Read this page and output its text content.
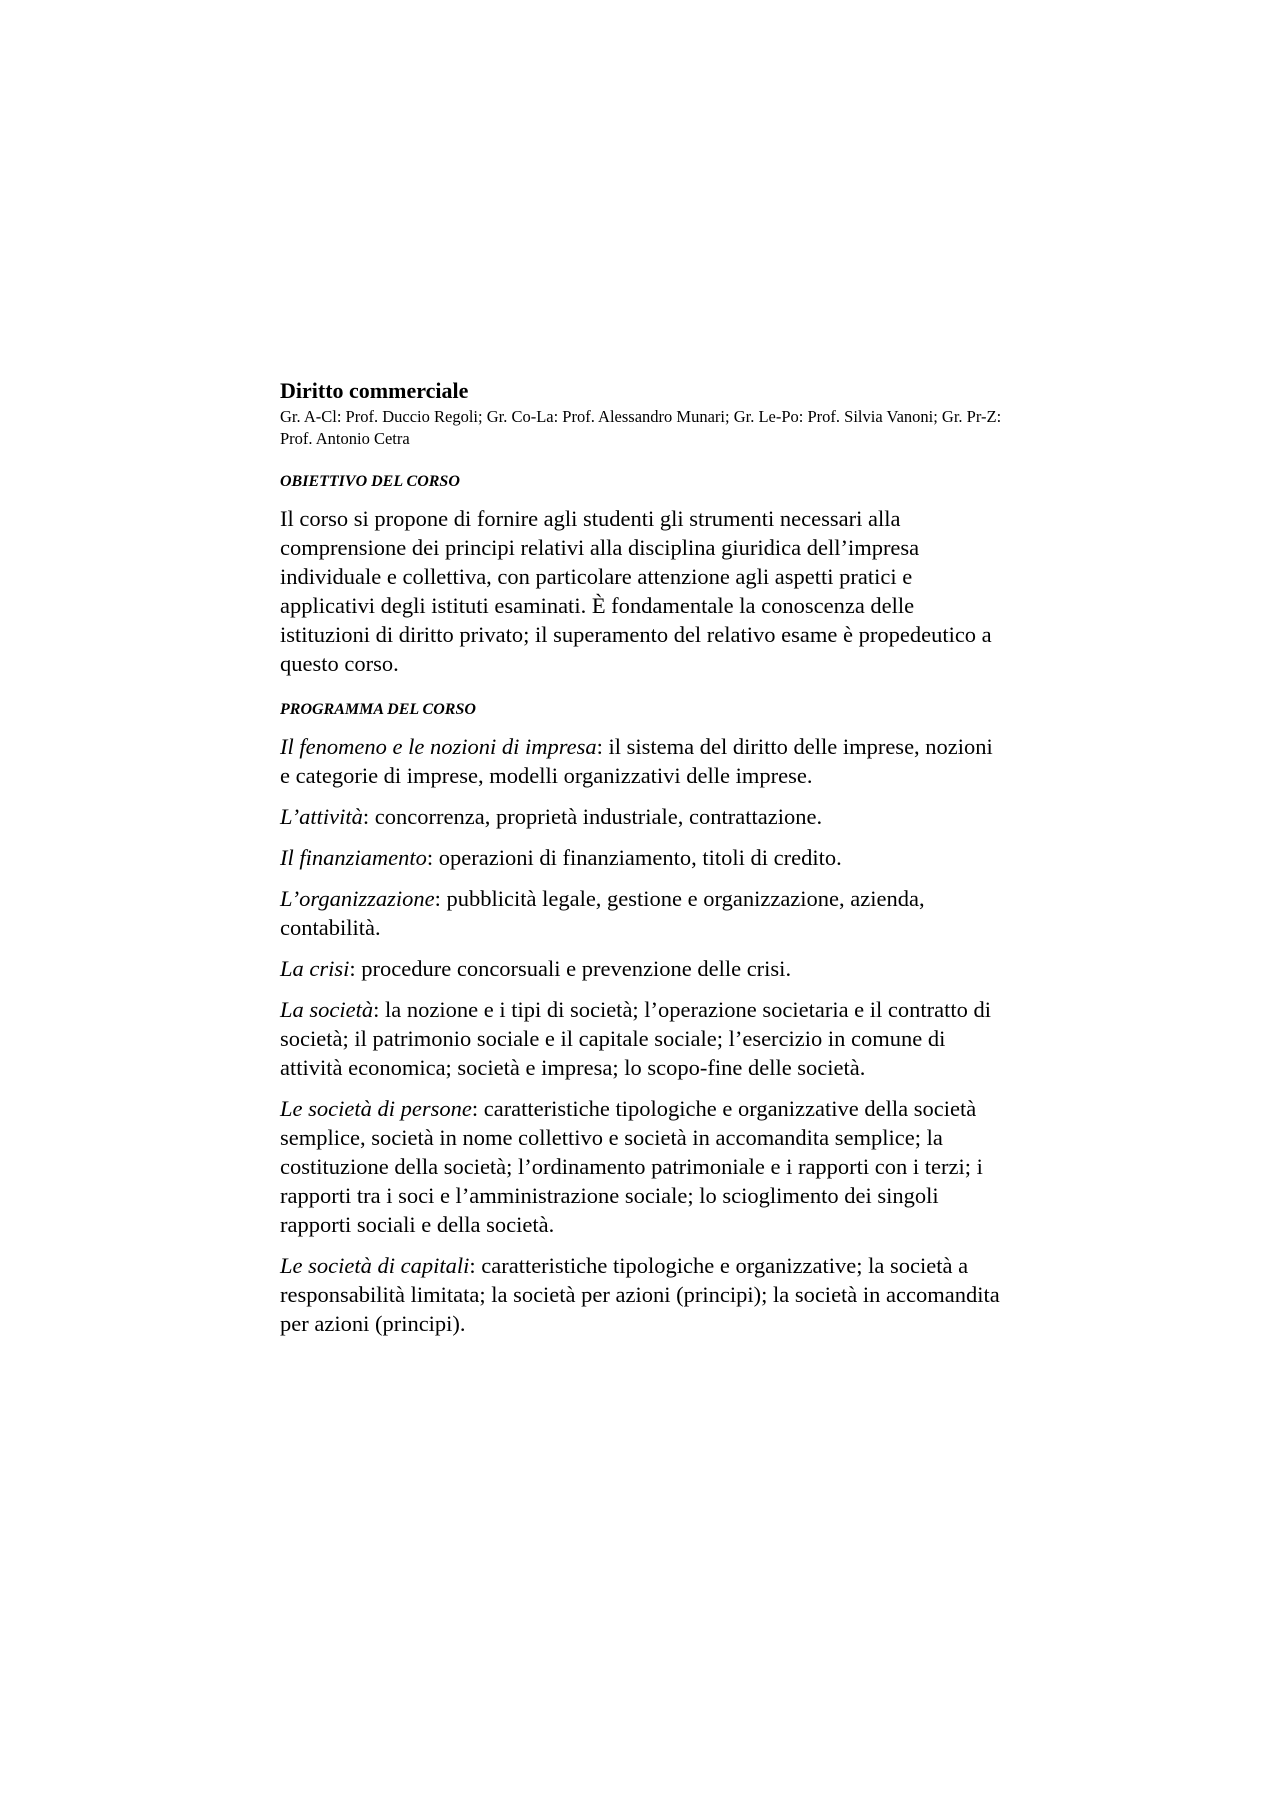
Diritto commerciale

Gr. A-Cl: Prof. Duccio Regoli; Gr. Co-La: Prof. Alessandro Munari; Gr. Le-Po: Prof. Silvia Vanoni; Gr. Pr-Z: Prof. Antonio Cetra

OBIETTIVO DEL CORSO

Il corso si propone di fornire agli studenti gli strumenti necessari alla comprensione dei principi relativi alla disciplina giuridica dell’impresa individuale e collettiva, con particolare attenzione agli aspetti pratici e applicativi degli istituti esaminati. È fondamentale la conoscenza delle istituzioni di diritto privato; il superamento del relativo esame è propedeutico a questo corso.

PROGRAMMA DEL CORSO

Il fenomeno e le nozioni di impresa: il sistema del diritto delle imprese, nozioni e categorie di imprese, modelli organizzativi delle imprese.

L’attività: concorrenza, proprietà industriale, contrattazione.

Il finanziamento: operazioni di finanziamento, titoli di credito.

L’organizzazione: pubblicità legale, gestione e organizzazione, azienda, contabilità.

La crisi: procedure concorsuali e prevenzione delle crisi.

La società: la nozione e i tipi di società; l’operazione societaria e il contratto di società; il patrimonio sociale e il capitale sociale; l’esercizio in comune di attività economica; società e impresa; lo scopo-fine delle società.

Le società di persone: caratteristiche tipologiche e organizzative della società semplice, società in nome collettivo e società in accomandita semplice; la costituzione della società; l’ordinamento patrimoniale e i rapporti con i terzi; i rapporti tra i soci e l’amministrazione sociale; lo scioglimento dei singoli rapporti sociali e della società.

Le società di capitali: caratteristiche tipologiche e organizzative; la società a responsabilità limitata; la società per azioni (principi); la società in accomandita per azioni (principi).
